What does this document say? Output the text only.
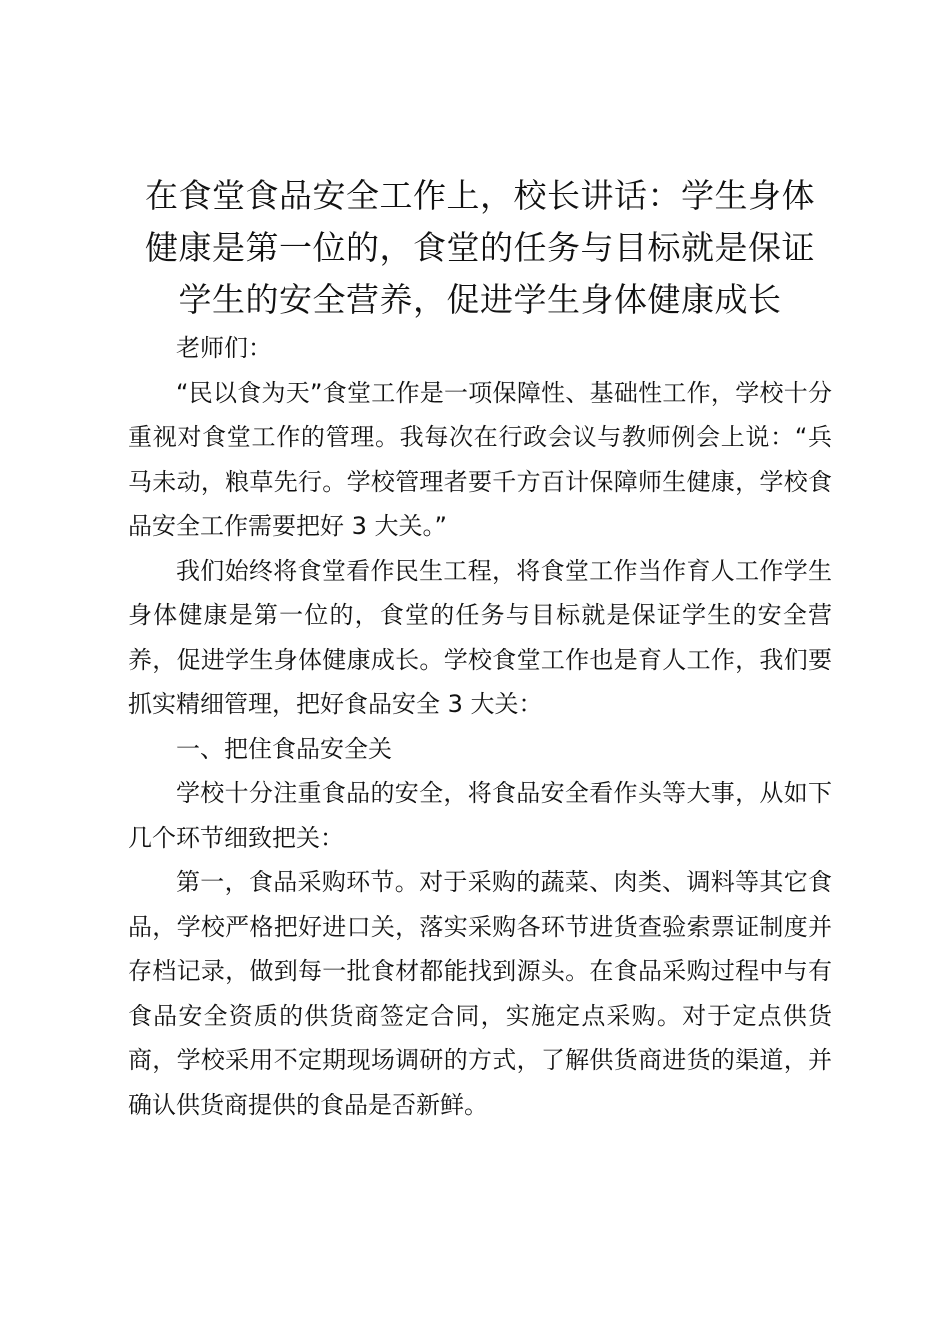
在食堂食品安全工作上，校长讲话：学生身体
健康是第一位的，食堂的任务与目标就是保证
学生的安全营养，促进学生身体健康成长

老师们：

“民以食为天”食堂工作是一项保障性、基础性工作，学校十分重视对食堂工作的管理。我每次在行政会议与教师例会上说：“兵马未动，粮草先行。学校管理者要千方百计保障师生健康，学校食品安全工作需要把好 3 大关。”

我们始终将食堂看作民生工程，将食堂工作当作育人工作学生身体健康是第一位的，食堂的任务与目标就是保证学生的安全营养，促进学生身体健康成长。学校食堂工作也是育人工作，我们要抓实精细管理，把好食品安全 3 大关：

一、把住食品安全关

学校十分注重食品的安全，将食品安全看作头等大事，从如下几个环节细致把关：

第一，食品采购环节。对于采购的蔬菜、肉类、调料等其它食品，学校严格把好进口关，落实采购各环节进货查验索票证制度并存档记录，做到每一批食材都能找到源头。在食品采购过程中与有食品安全资质的供货商签定合同，实施定点采购。对于定点供货商，学校采用不定期现场调研的方式，了解供货商进货的渠道，并确认供货商提供的食品是否新鲜。
